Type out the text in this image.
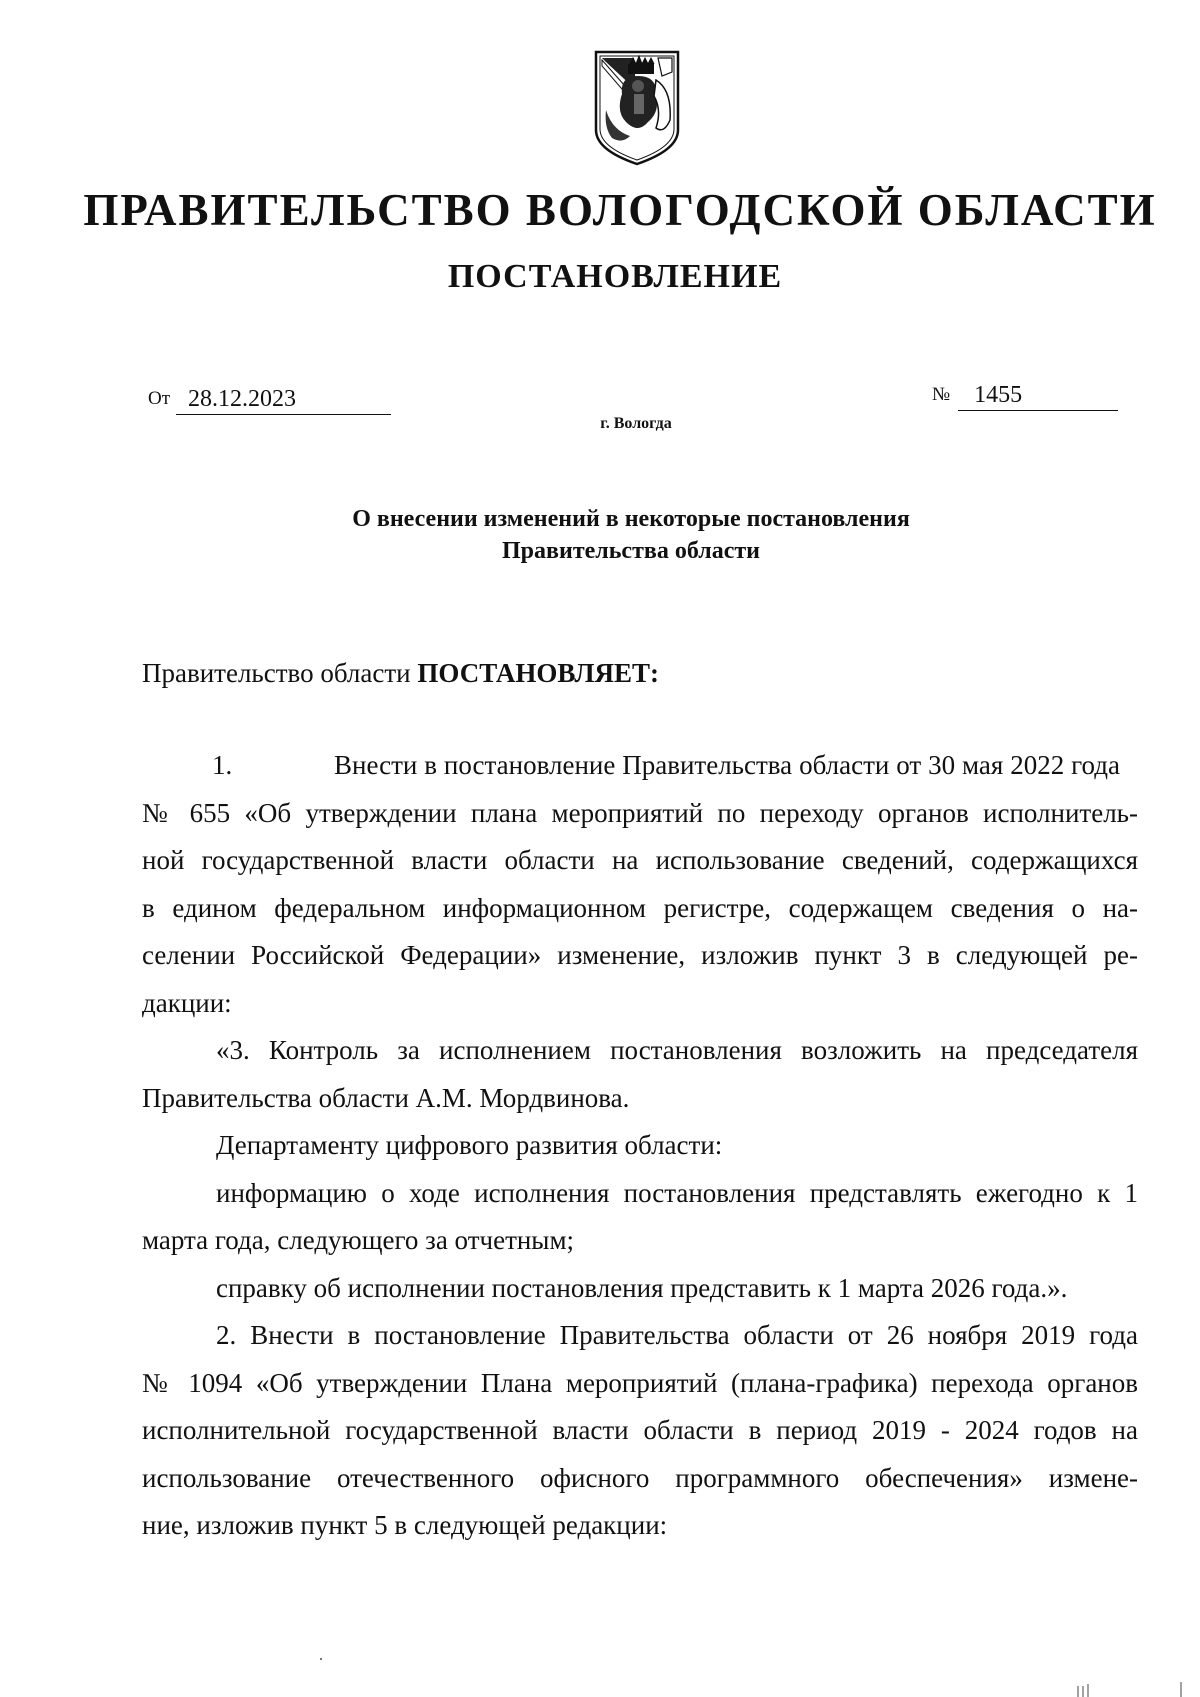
ПРАВИТЕЛЬСТВО ВОЛОГОДСКОЙ ОБЛАСТИ
ПОСТАНОВЛЕНИЕ
От 28.12.2023	№ 1455
г. Вологда
О внесении изменений в некоторые постановления
Правительства области
Правительство области ПОСТАНОВЛЯЕТ:
1.	Внести в постановление Правительства области от 30 мая 2022 года
№ 655 «Об утверждении плана мероприятий по переходу органов исполнитель-
ной государственной власти области на использование сведений, содержащихся
в едином федеральном информационном регистре, содержащем сведения о на-
селении Российской Федерации» изменение, изложив пункт 3 в следующей ре-
дакции:
«3. Контроль за исполнением постановления возложить на председателя
Правительства области А.М. Мордвинова.
Департаменту цифрового развития области:
информацию о ходе исполнения постановления представлять ежегодно к 1
марта года, следующего за отчетным;
справку об исполнении постановления представить к 1 марта 2026 года.».
2. Внести в постановление Правительства области от 26 ноября 2019 года
№ 1094 «Об утверждении Плана мероприятий (плана-графика) перехода органов
исполнительной государственной власти области в период 2019 - 2024 годов на
использование отечественного офисного программного обеспечения» измене-
ние, изложив пункт 5 в следующей редакции:
